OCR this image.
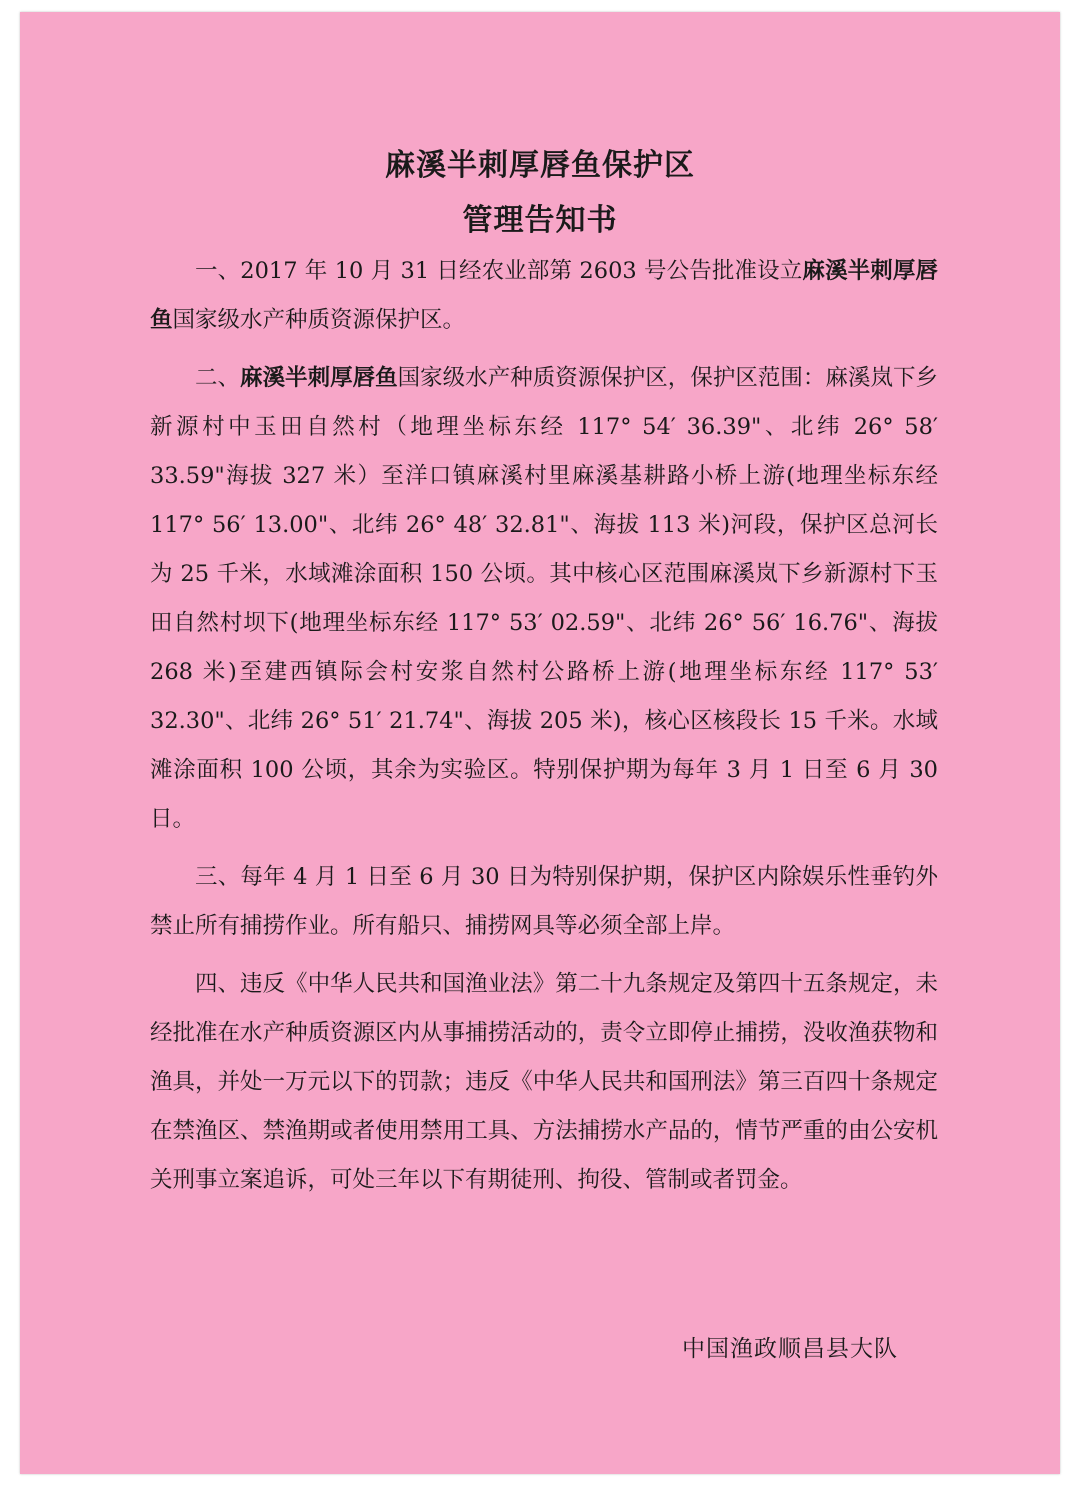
麻溪半刺厚唇鱼保护区
管理告知书

一、2017 年 10 月 31 日经农业部第 2603 号公告批准设立麻溪半刺厚唇鱼国家级水产种质资源保护区。

二、麻溪半刺厚唇鱼国家级水产种质资源保护区，保护区范围：麻溪岚下乡新源村中玉田自然村（地理坐标东经 117° 54′ 36.39"、北纬 26° 58′ 33.59"海拔 327 米）至洋口镇麻溪村里麻溪基耕路小桥上游(地理坐标东经 117° 56′ 13.00"、北纬 26° 48′ 32.81"、海拔 113 米)河段，保护区总河长为 25 千米，水域滩涂面积 150 公顷。其中核心区范围麻溪岚下乡新源村下玉田自然村坝下(地理坐标东经 117° 53′ 02.59"、北纬 26° 56′ 16.76"、海拔 268 米)至建西镇际会村安浆自然村公路桥上游(地理坐标东经 117° 53′ 32.30"、北纬 26° 51′ 21.74"、海拔 205 米)，核心区核段长 15 千米。水域滩涂面积 100 公顷，其余为实验区。特别保护期为每年 3 月 1 日至 6 月 30 日。

三、每年 4 月 1 日至 6 月 30 日为特别保护期，保护区内除娱乐性垂钓外禁止所有捕捞作业。所有船只、捕捞网具等必须全部上岸。

四、违反《中华人民共和国渔业法》第二十九条规定及第四十五条规定，未经批准在水产种质资源区内从事捕捞活动的，责令立即停止捕捞，没收渔获物和渔具，并处一万元以下的罚款；违反《中华人民共和国刑法》第三百四十条规定在禁渔区、禁渔期或者使用禁用工具、方法捕捞水产品的，情节严重的由公安机关刑事立案追诉，可处三年以下有期徒刑、拘役、管制或者罚金。

中国渔政顺昌县大队
